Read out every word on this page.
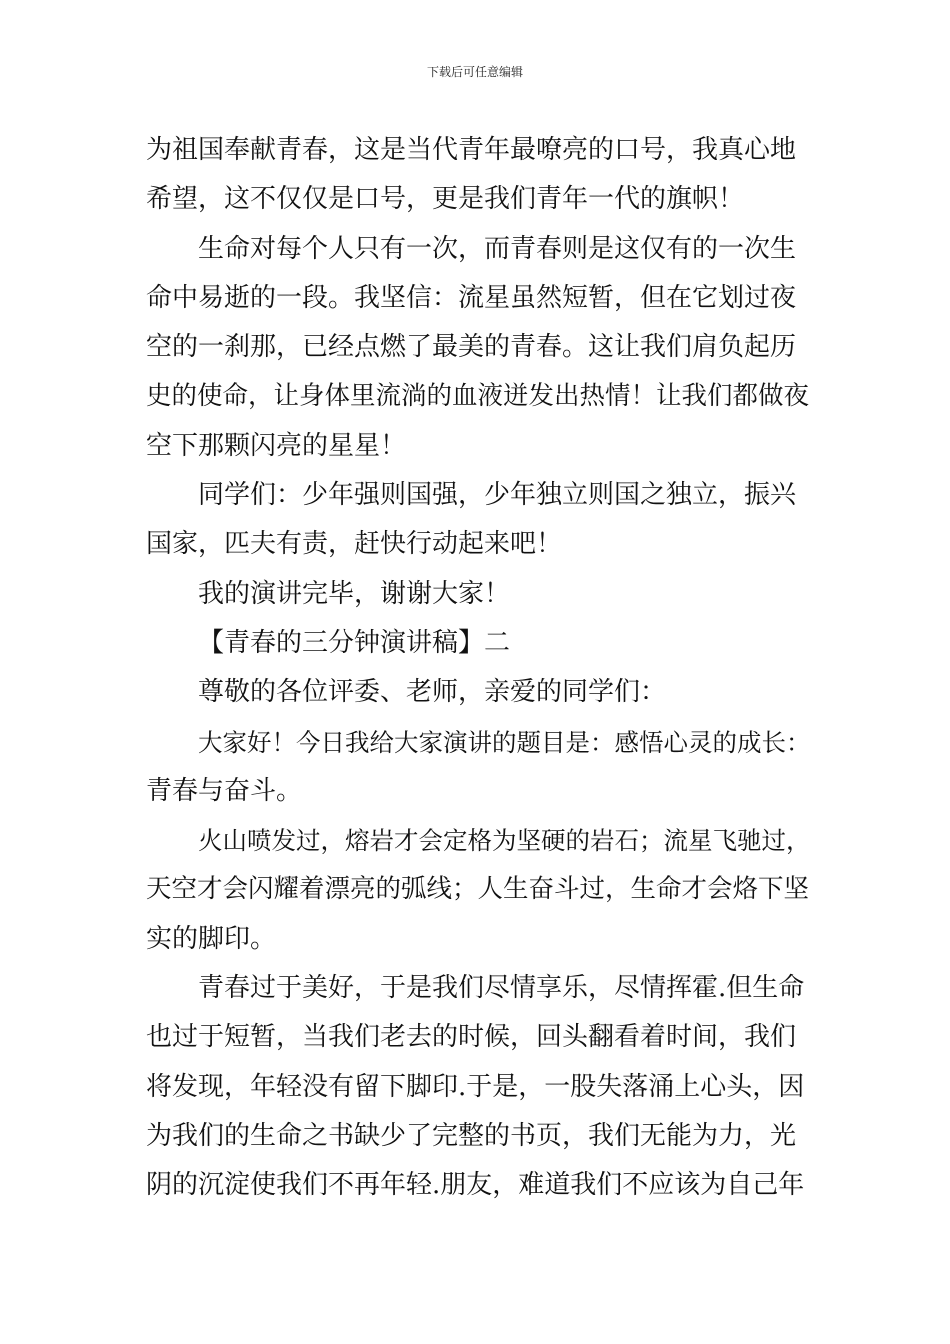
下载后可任意编辑
为祖国奉献青春，这是当代青年最嘹亮的口号，我真心地
希望，这不仅仅是口号，更是我们青年一代的旗帜！
生命对每个人只有一次，而青春则是这仅有的一次生
命中易逝的一段。我坚信：流星虽然短暂，但在它划过夜
空的一刹那，已经点燃了最美的青春。这让我们肩负起历
史的使命，让身体里流淌的血液迸发出热情！让我们都做夜
空下那颗闪亮的星星！
同学们：少年强则国强，少年独立则国之独立，振兴
国家，匹夫有责，赶快行动起来吧！
我的演讲完毕，谢谢大家！
【青春的三分钟演讲稿】二
尊敬的各位评委、老师，亲爱的同学们：
大家好！今日我给大家演讲的题目是：感悟心灵的成长：
青春与奋斗。
火山喷发过，熔岩才会定格为坚硬的岩石；流星飞驰过，
天空才会闪耀着漂亮的弧线；人生奋斗过，生命才会烙下坚
实的脚印。
青春过于美好，于是我们尽情享乐，尽情挥霍.但生命
也过于短暂，当我们老去的时候，回头翻看着时间，我们
将发现，年轻没有留下脚印.于是，一股失落涌上心头，因
为我们的生命之书缺少了完整的书页，我们无能为力，光
阴的沉淀使我们不再年轻.朋友，难道我们不应该为自己年
